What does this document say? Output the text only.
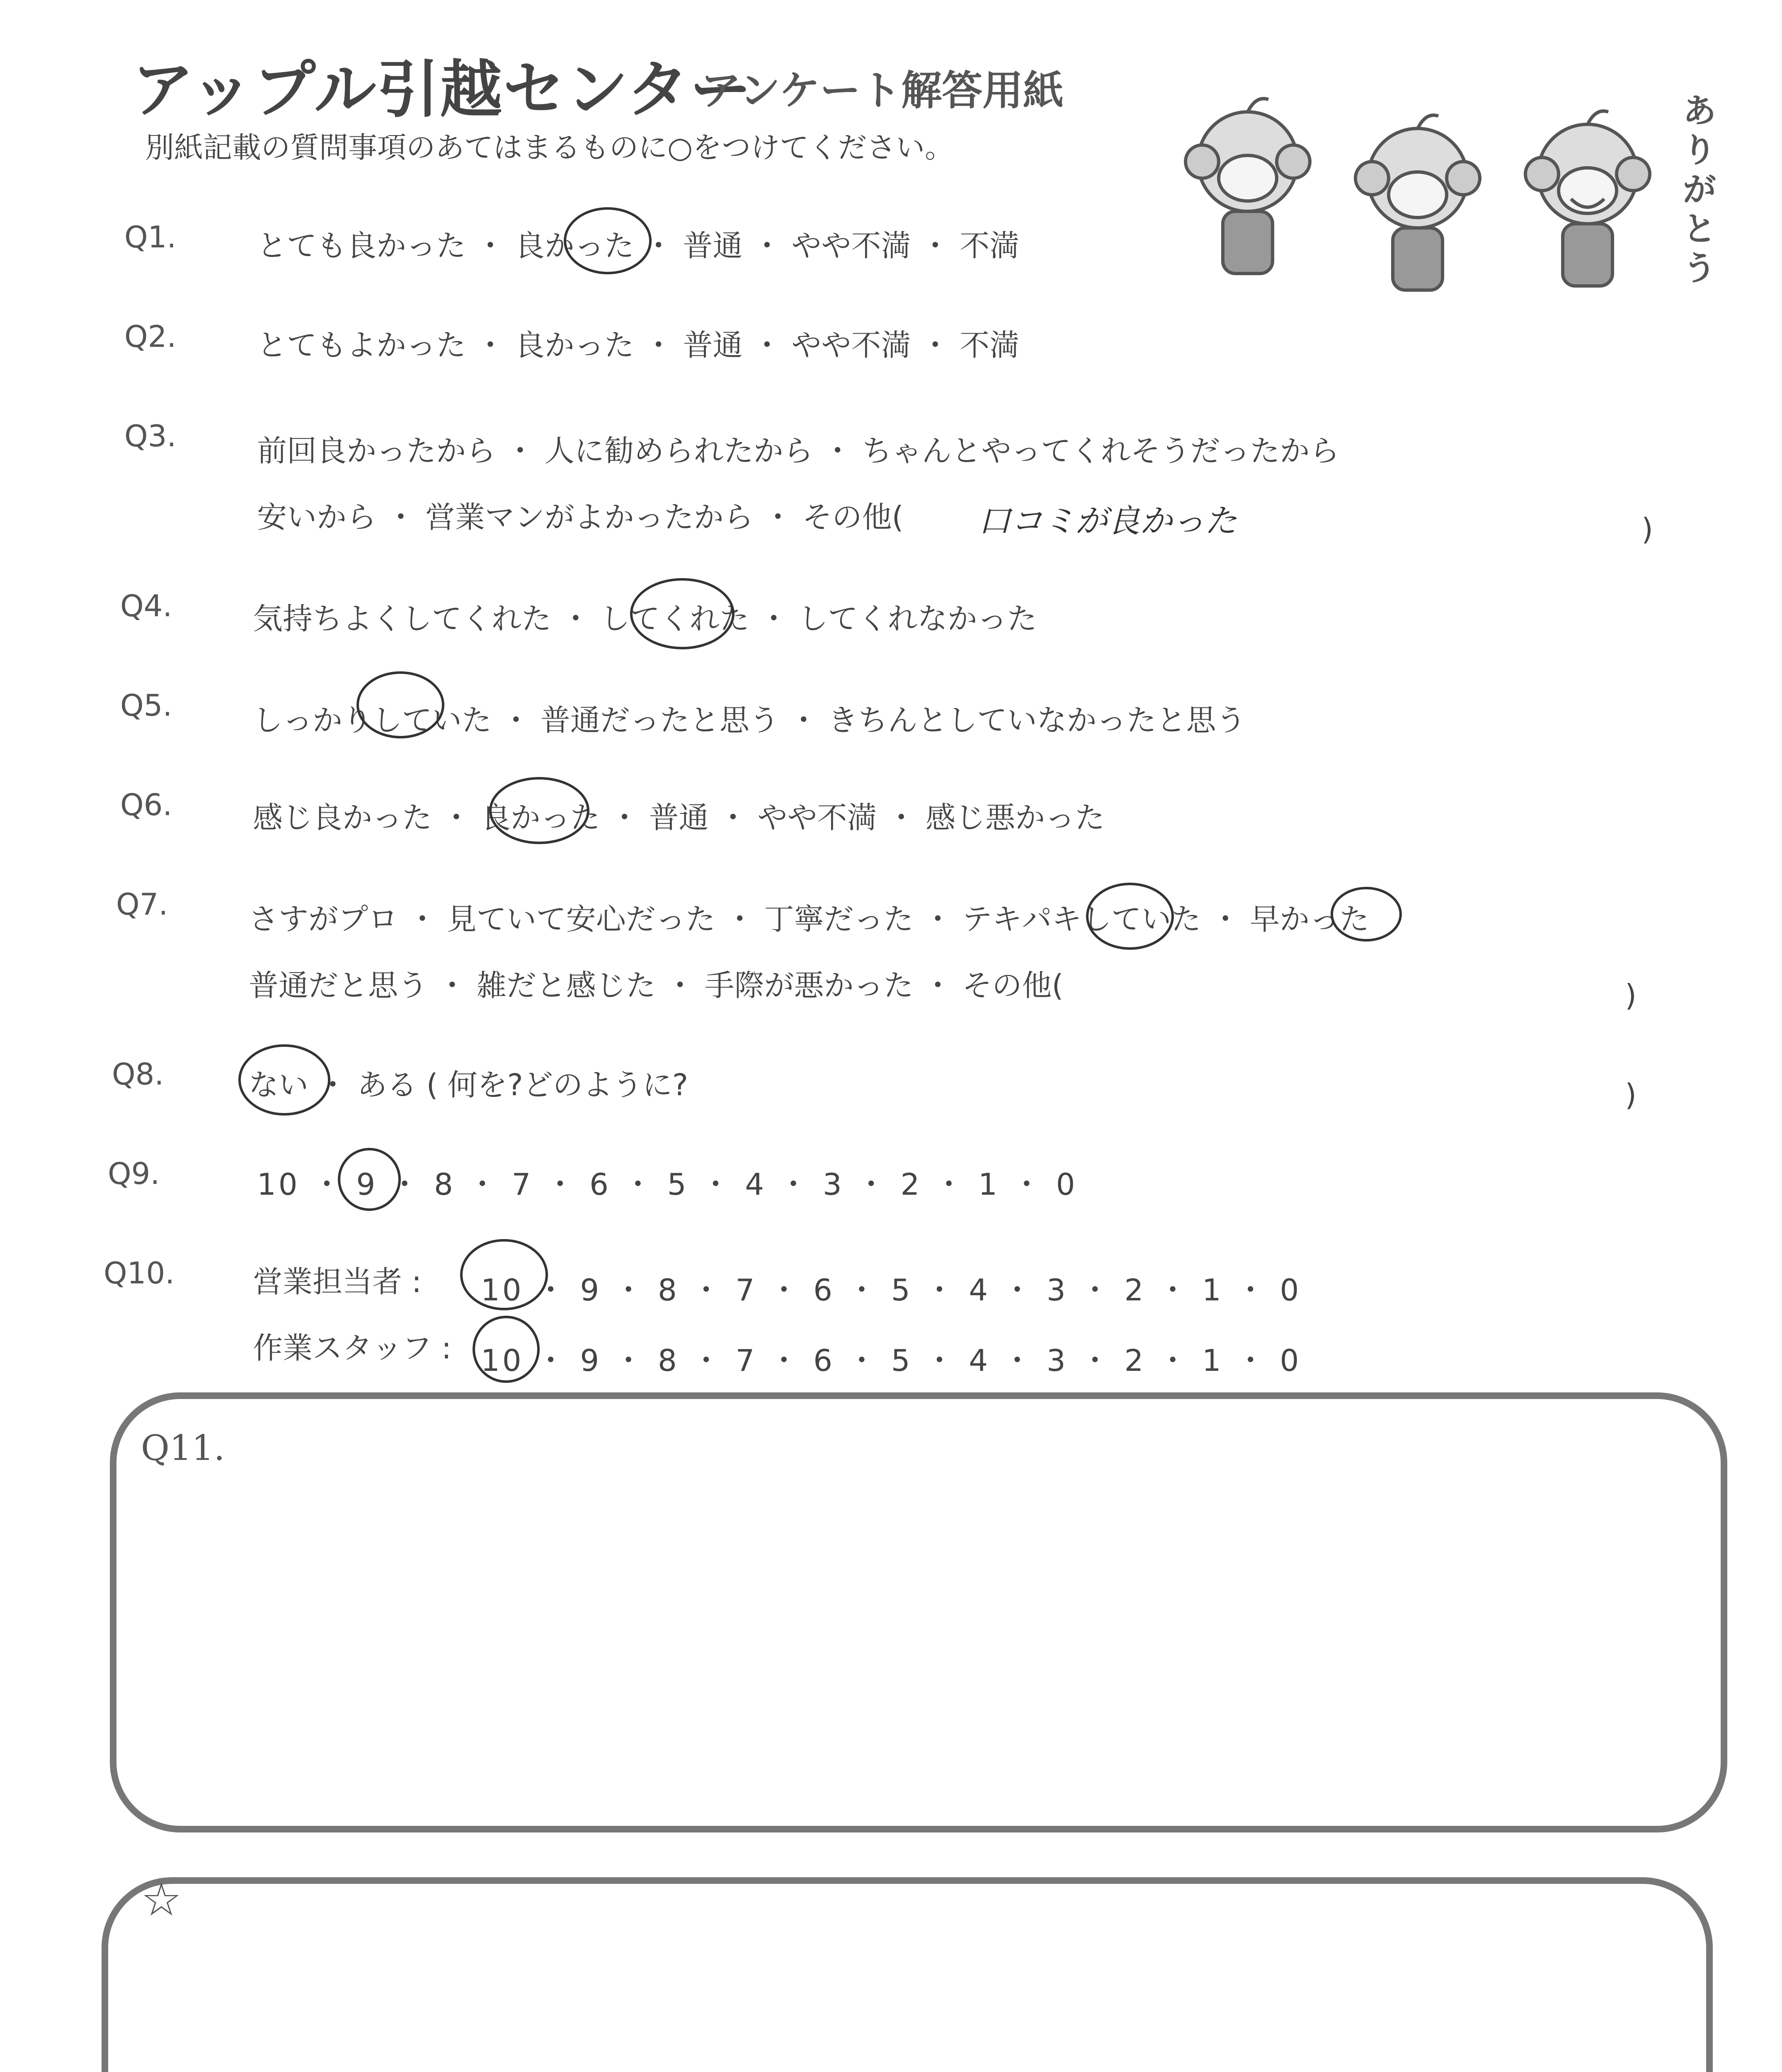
アップル引越センター
アンケート解答用紙
別紙記載の質問事項のあてはまるものに○をつけてください。
ありがとう
Q1.	とても良かった ・ 良かった ・ 普通 ・ やや不満 ・ 不満
Q2.	とてもよかった ・ 良かった ・ 普通 ・ やや不満 ・ 不満
Q3.	前回良かったから ・ 人に勧められたから ・ ちゃんとやってくれそうだったから
安いから ・ 営業マンがよかったから ・ その他( 口コミが良かった	)
Q4.	気持ちよくしてくれた ・ してくれた ・ してくれなかった
Q5.	しっかりしていた ・ 普通だったと思う ・ きちんとしていなかったと思う
Q6.	感じ良かった ・ 良かった ・ 普通 ・ やや不満 ・ 感じ悪かった
Q7.	さすがプロ ・ 見ていて安心だった ・ 丁寧だった ・ テキパキしていた ・ 早かった
普通だと思う ・ 雑だと感じた ・ 手際が悪かった ・ その他(	)
Q8.	ない ・ ある ( 何を?どのように?	)
Q9.	10 ・ 9 ・ 8 ・ 7 ・ 6 ・ 5 ・ 4 ・ 3 ・ 2 ・ 1 ・ 0
Q10.	営業担当者 : 10 ・ 9 ・ 8 ・ 7 ・ 6 ・ 5 ・ 4 ・ 3 ・ 2 ・ 1 ・ 0
作業スタッフ : 10 ・ 9 ・ 8 ・ 7 ・ 6 ・ 5 ・ 4 ・ 3 ・ 2 ・ 1 ・ 0
Q11.
☆
